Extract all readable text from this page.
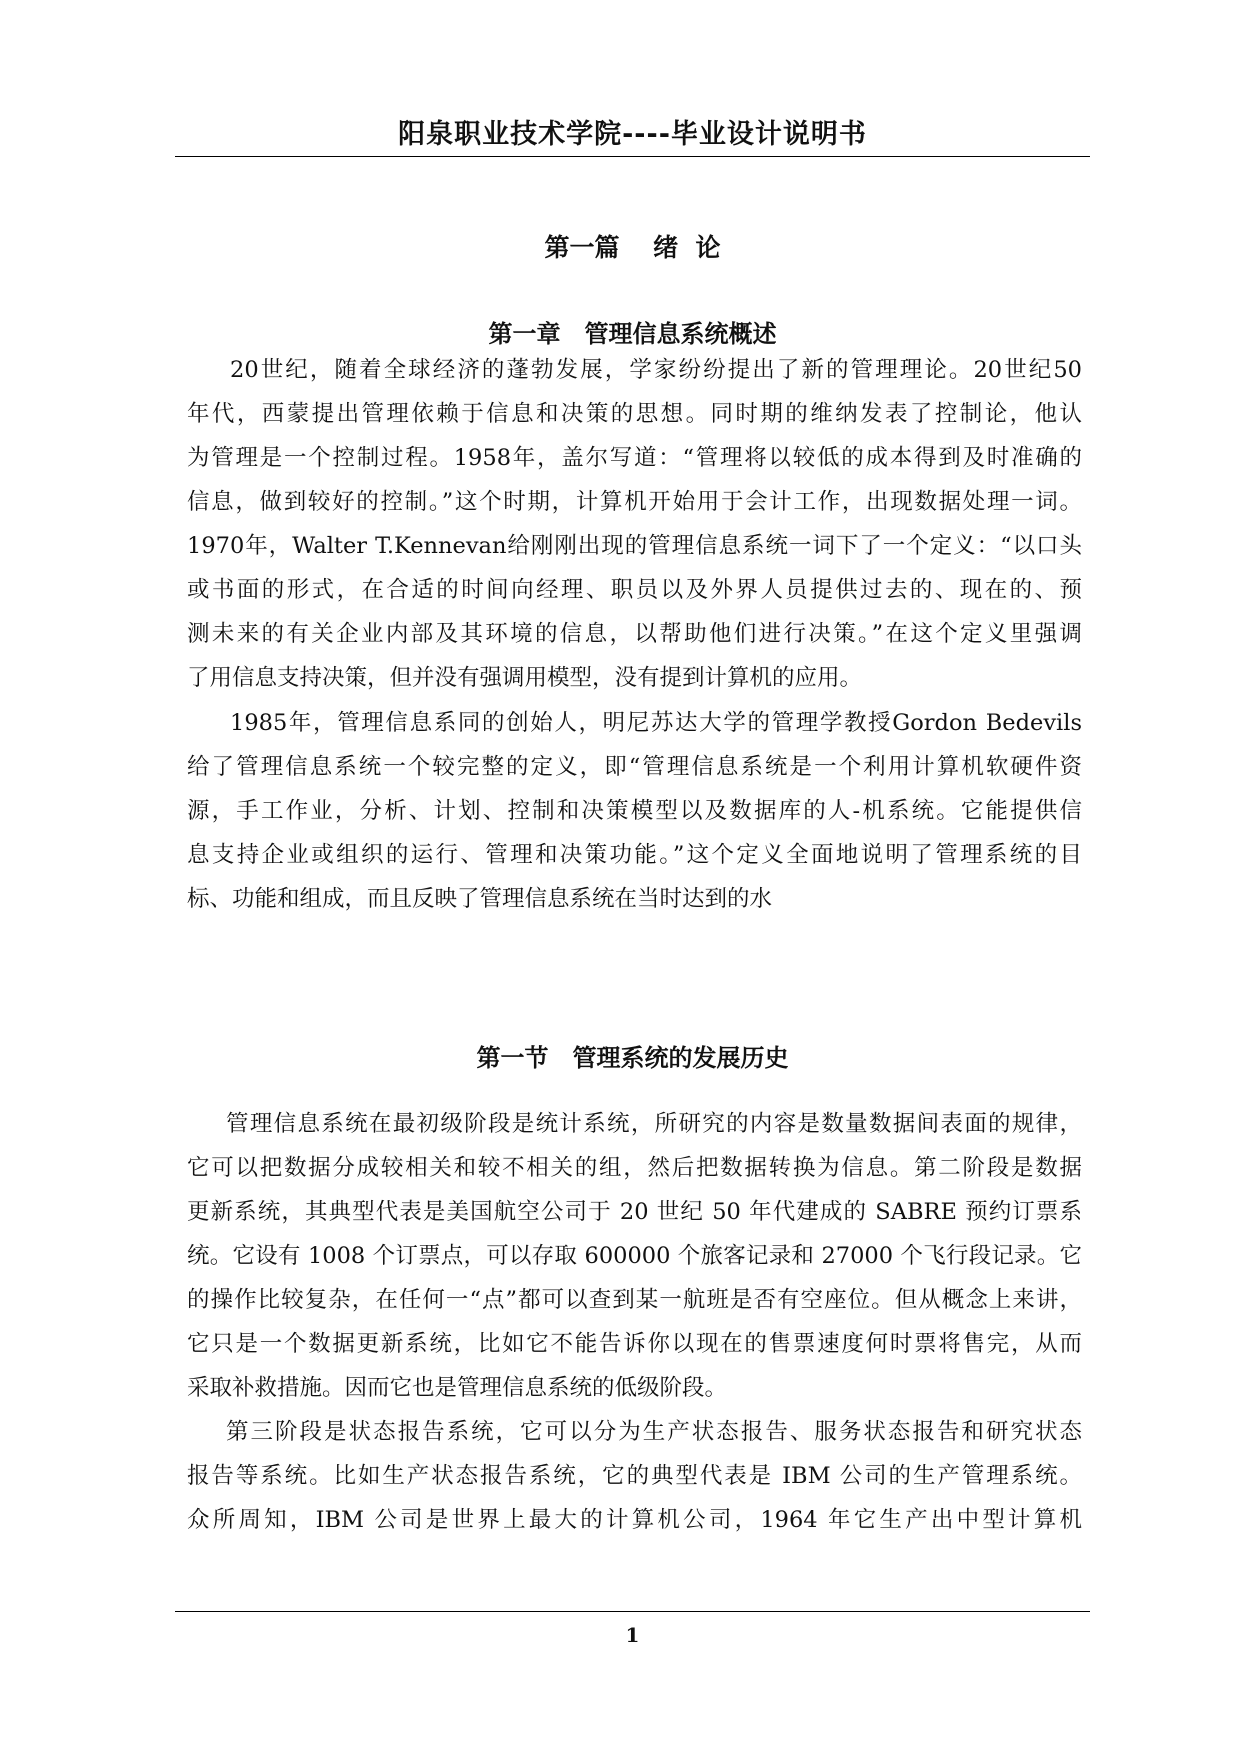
阳泉职业技术学院----毕业设计说明书
第一篇　 绪  论
第一章　管理信息系统概述
20世纪，随着全球经济的蓬勃发展，学家纷纷提出了新的管理理论。20世纪50
年代，西蒙提出管理依赖于信息和决策的思想。同时期的维纳发表了控制论，他认
为管理是一个控制过程。1958年，盖尔写道：“管理将以较低的成本得到及时准确的
信息，做到较好的控制。”这个时期，计算机开始用于会计工作，出现数据处理一词。
1970年，Walter T.Kennevan给刚刚出现的管理信息系统一词下了一个定义：“以口头
或书面的形式，在合适的时间向经理、职员以及外界人员提供过去的、现在的、预
测未来的有关企业内部及其环境的信息，以帮助他们进行决策。”在这个定义里强调
了用信息支持决策，但并没有强调用模型，没有提到计算机的应用。
1985年，管理信息系同的创始人，明尼苏达大学的管理学教授Gordon Bedevils
给了管理信息系统一个较完整的定义，即“管理信息系统是一个利用计算机软硬件资
源，手工作业，分析、计划、控制和决策模型以及数据库的人-机系统。它能提供信
息支持企业或组织的运行、管理和决策功能。”这个定义全面地说明了管理系统的目
标、功能和组成，而且反映了管理信息系统在当时达到的水
第一节　管理系统的发展历史
管理信息系统在最初级阶段是统计系统，所研究的内容是数量数据间表面的规律，
它可以把数据分成较相关和较不相关的组，然后把数据转换为信息。第二阶段是数据
更新系统，其典型代表是美国航空公司于 20 世纪 50 年代建成的 SABRE 预约订票系
统。它设有 1008 个订票点，可以存取 600000 个旅客记录和 27000 个飞行段记录。它
的操作比较复杂，在任何一“点”都可以查到某一航班是否有空座位。但从概念上来讲，
它只是一个数据更新系统，比如它不能告诉你以现在的售票速度何时票将售完，从而
采取补救措施。因而它也是管理信息系统的低级阶段。
第三阶段是状态报告系统，它可以分为生产状态报告、服务状态报告和研究状态
报告等系统。比如生产状态报告系统，它的典型代表是 IBM 公司的生产管理系统。
众所周知，IBM 公司是世界上最大的计算机公司，1964 年它生产出中型计算机
1
